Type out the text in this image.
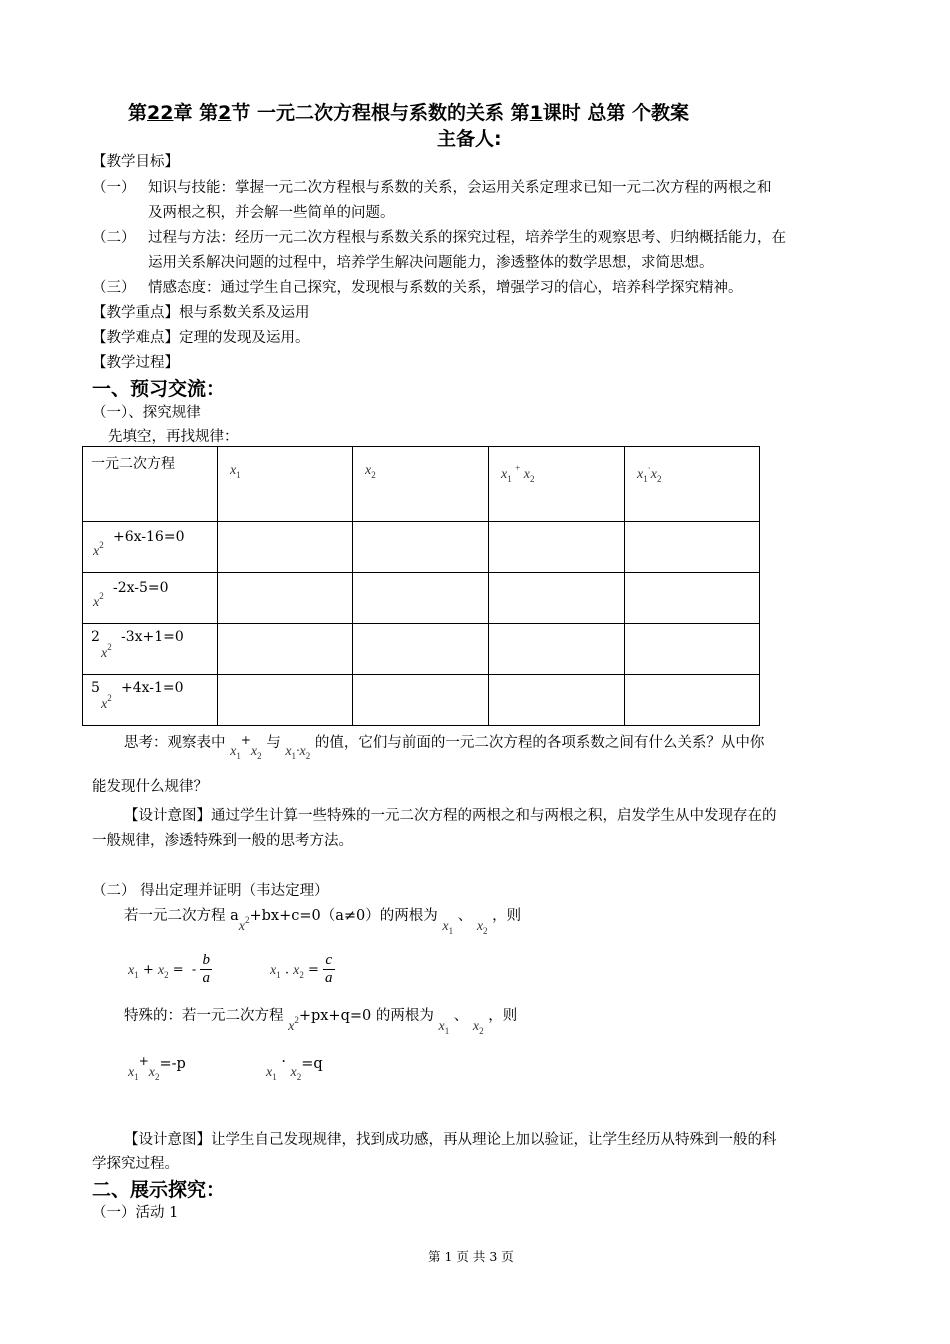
第22章 第2节 一元二次方程根与系数的关系 第1课时 总第 个教案
主备人:
【教学目标】
（一） 知识与技能：掌握一元二次方程根与系数的关系，会运用关系定理求已知一元二次方程的两根之和
及两根之积，并会解一些简单的问题。
（二） 过程与方法：经历一元二次方程根与系数关系的探究过程，培养学生的观察思考、归纳概括能力，在
运用关系解决问题的过程中，培养学生解决问题能力，渗透整体的数学思想，求简思想。
（三） 情感态度：通过学生自己探究，发现根与系数的关系，增强学习的信心，培养科学探究精神。
【教学重点】根与系数关系及运用
【教学难点】定理的发现及运用。
【教学过程】
一、预习交流：
（一）、探究规律
先填空，再找规律：
一元二次方程	$x_1$	$x_2$	$x_1$ + $x_2$	$x_1^\cdot x_2$

$x^2 +6x-16=0$				

$x^2$ -2x-5=0				

2
$x^2$
-3x+1=0				

5
$x^2$
+4x-1=0				

思考：观察表中 $x_1^+x_2$ 与 $x_1\cdot x_2$ 的值，它们与前面的一元二次方程的各项系数之间有什么关系？从中你
能发现什么规律？
【设计意图】通过学生计算一些特殊的一元二次方程的两根之和与两根之积，启发学生从中发现存在的
一般规律，渗透特殊到一般的思考方法。
（二） 得出定理并证明（韦达定理）
若一元二次方程 $ax^2+bx+c=0(a\ne 0)$的两根为 $x_1$ 、 $x_2$ ，则
$x_1 + x_2$ =  - $\frac{b}{a}$	$x_1$ . $x_2 = \frac{c}{a}$
特殊的：若一元二次方程 $x^2+px+q=0$ 的两根为 $x_1$ 、 $x_2$ ，则
$x_1^+x_2=-p$
$x_1 \cdot x_2=q$
【设计意图】让学生自己发现规律，找到成功感，再从理论上加以验证，让学生经历从特殊到一般的科
学探究过程。
二、展示探究：
（一）活动 1
第 1 页 共 3 页
